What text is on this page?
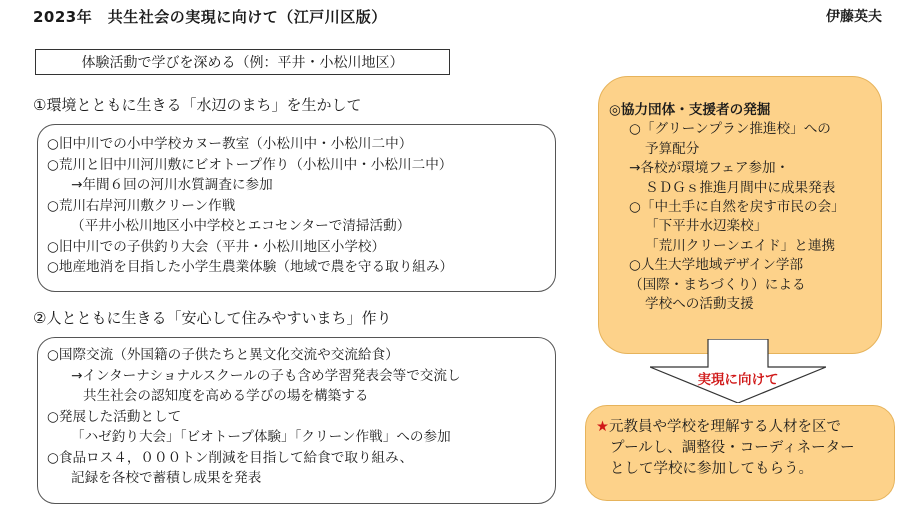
2023年　共生社会の実現に向けて（江戸川区版）	伊藤英夫
体験活動で学びを深める（例：平井・小松川地区）
①環境とともに生きる「水辺のまち」を生かして
○旧中川での小中学校カヌー教室（小松川中・小松川二中）
○荒川と旧中川河川敷にビオトープ作り（小松川中・小松川二中）
→年間６回の河川水質調査に参加
○荒川右岸河川敷クリーン作戦
（平井小松川地区小中学校とエコセンターで清掃活動）
○旧中川での子供釣り大会（平井・小松川地区小学校）
○地産地消を目指した小学生農業体験（地域で農を守る取り組み）
②人とともに生きる「安心して住みやすいまち」作り
○国際交流（外国籍の子供たちと異文化交流や交流給食）
→インターナショナルスクールの子も含め学習発表会等で交流し
共生社会の認知度を高める学びの場を構築する
○発展した活動として
「ハゼ釣り大会」「ビオトープ体験」「クリーン作戦」への参加
○食品ロス４，０００トン削減を目指して給食で取り組み、
記録を各校で蓄積し成果を発表
◎協力団体・支援者の発掘
○「グリーンプラン推進校」への
予算配分
→各校が環境フェア参加・
ＳＤＧｓ推進月間中に成果発表
○「中土手に自然を戻す市民の会」
「下平井水辺楽校」
「荒川クリーンエイド」と連携
○人生大学地域デザイン学部
（国際・まちづくり）による
学校への活動支援
実現に向けて
★元教員や学校を理解する人材を区で
プールし、調整役・コーディネーター
として学校に参加してもらう。
